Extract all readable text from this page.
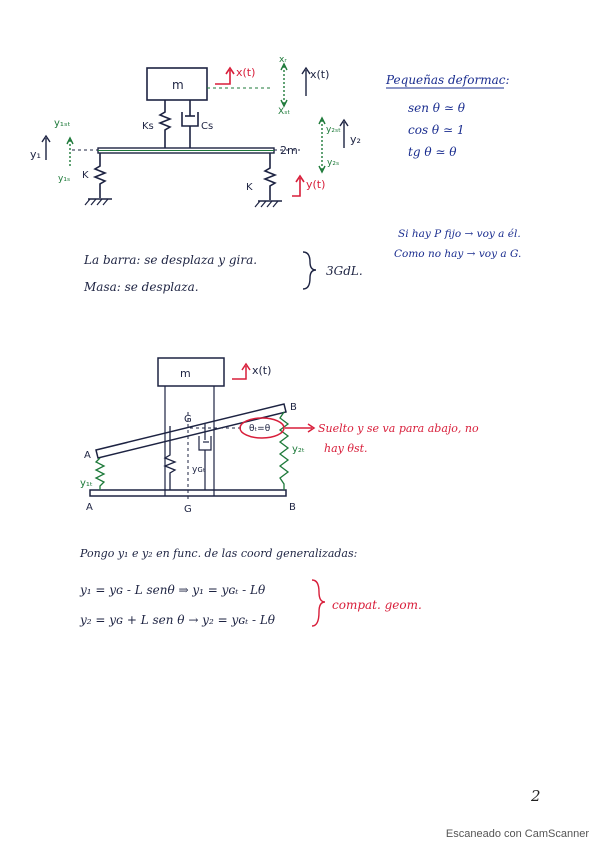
m
x(t)
xᵣ
Xₛₜ
x(t)
Ks	Cs
y₁ₛₜ
y₁
y₁ₛ K
2m
y₂ₛₜ
y₂
y₂ₛ
K	y(t)
Pequeñas deformac:
sen θ ≃ θ
cos θ ≃ 1
tg θ ≃ θ
Si hay P fijo → voy a él.
Como no hay → voy a G.
La barra: se desplaza y gira.
Masa: se desplaza.
3GdL.
m	x(t)
G
B
A
θₜ=θ
y₁ₜ
yɢₜ
y₂ₜ
A	G	B
Suelto y se va para abajo, no
hay θst.
Pongo y₁ e y₂ en func. de las coord generalizadas:
y₁ = yɢ - L senθ ⇒ y₁ = yɢₜ - Lθ
y₂ = yɢ + L sen θ → y₂ = yɢₜ - Lθ
compat. geom.
2
Escaneado con CamScanner
